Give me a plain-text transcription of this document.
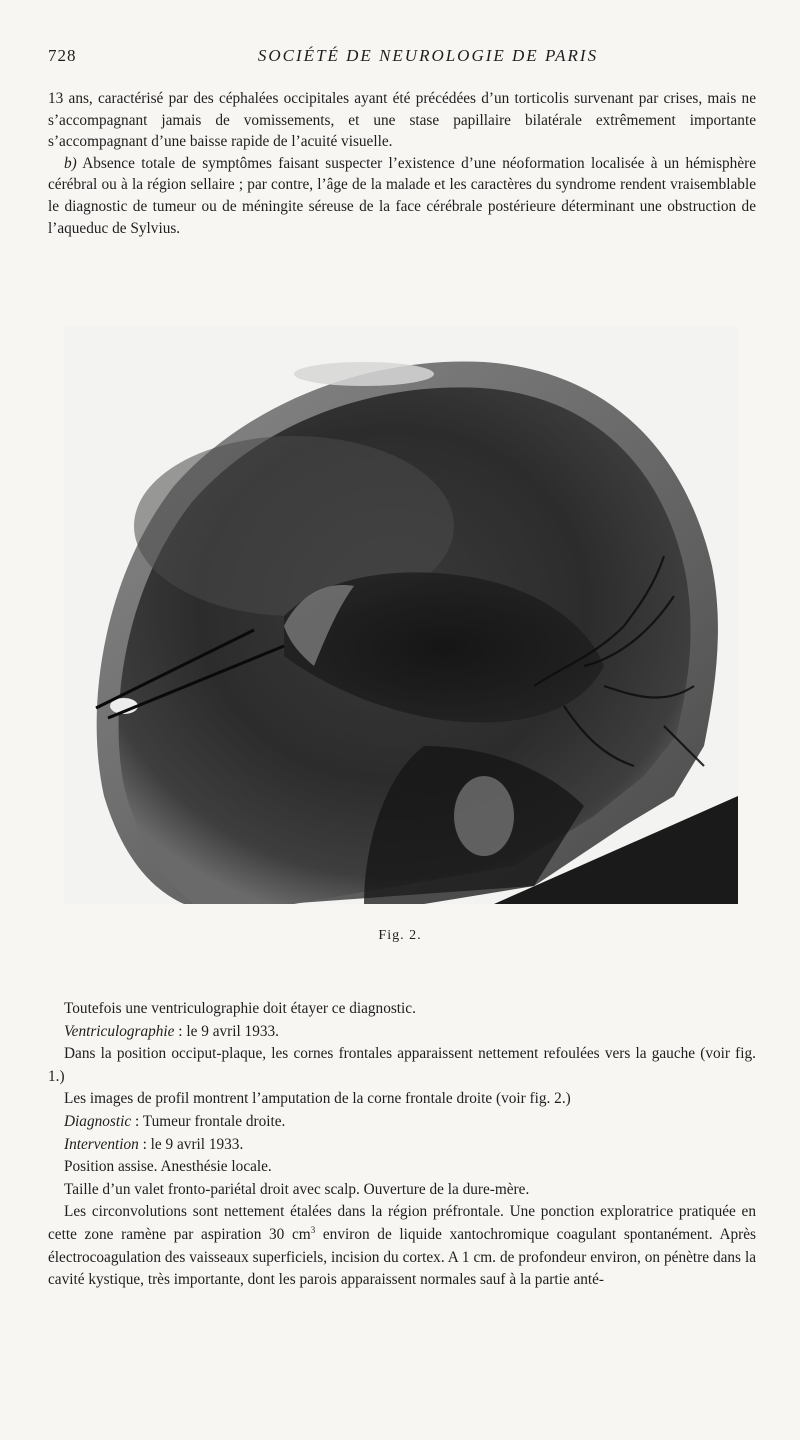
728	SOCIÉTÉ DE NEUROLOGIE DE PARIS

13 ans, caractérisé par des céphalées occipitales ayant été précédées d’un torticolis survenant par crises, mais ne s’accompagnant jamais de vomissements, et une stase papillaire bilatérale extrêmement importante s’accompagnant d’une baisse rapide de l’acuité visuelle.

b) Absence totale de symptômes faisant suspecter l’existence d’une néoformation localisée à un hémisphère cérébral ou à la région sellaire ; par contre, l’âge de la malade et les caractères du syndrome rendent vraisemblable le diagnostic de tumeur ou de méningite séreuse de la face cérébrale postérieure déterminant une obstruction de l’aqueduc de Sylvius.

Fig. 2.

Toutefois une ventriculographie doit étayer ce diagnostic.

Ventriculographie : le 9 avril 1933.

Dans la position occiput-plaque, les cornes frontales apparaissent nettement refoulées vers la gauche (voir fig. 1.)

Les images de profil montrent l’amputation de la corne frontale droite (voir fig. 2.)

Diagnostic : Tumeur frontale droite.

Intervention : le 9 avril 1933.

Position assise. Anesthésie locale.

Taille d’un valet fronto-pariétal droit avec scalp. Ouverture de la dure-mère.

Les circonvolutions sont nettement étalées dans la région préfrontale. Une ponction exploratrice pratiquée en cette zone ramène par aspiration 30 $cm^3$ environ de liquide xantochromique coagulant spontanément. Après électrocoagulation des vaisseaux superficiels, incision du cortex. A 1 cm. de profondeur environ, on pénètre dans la cavité kystique, très importante, dont les parois apparaissent normales sauf à la partie anté-
